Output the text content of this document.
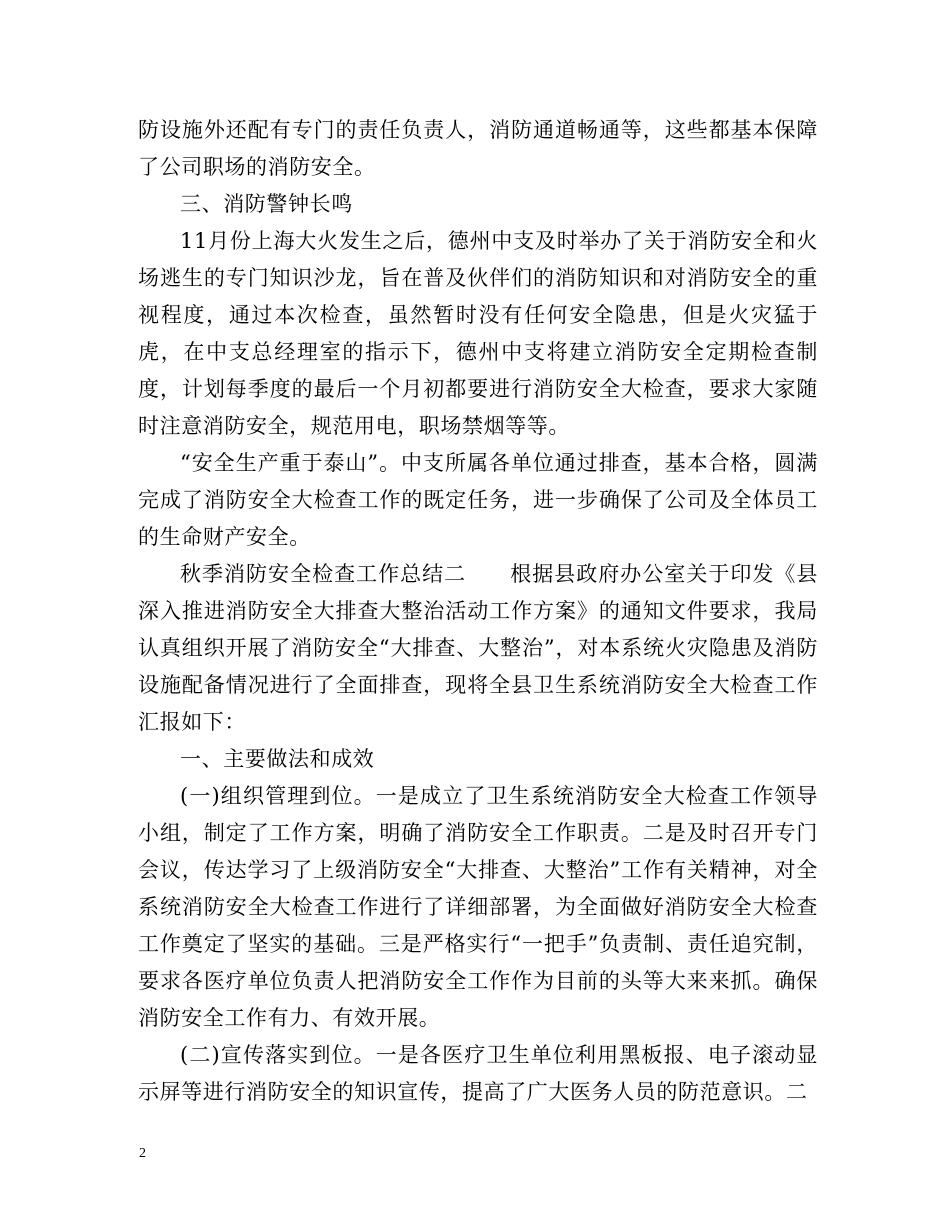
防设施外还配有专门的责任负责人，消防通道畅通等，这些都基本保障了公司职场的消防安全。

三、消防警钟长鸣

11月份上海大火发生之后，德州中支及时举办了关于消防安全和火场逃生的专门知识沙龙，旨在普及伙伴们的消防知识和对消防安全的重视程度，通过本次检查，虽然暂时没有任何安全隐患，但是火灾猛于虎，在中支总经理室的指示下，德州中支将建立消防安全定期检查制度，计划每季度的最后一个月初都要进行消防安全大检查，要求大家随时注意消防安全，规范用电，职场禁烟等等。

“安全生产重于泰山”。中支所属各单位通过排查，基本合格，圆满完成了消防安全大检查工作的既定任务，进一步确保了公司及全体员工的生命财产安全。

秋季消防安全检查工作总结二　　根据县政府办公室关于印发《县深入推进消防安全大排查大整治活动工作方案》的通知文件要求，我局认真组织开展了消防安全“大排查、大整治”，对本系统火灾隐患及消防设施配备情况进行了全面排查，现将全县卫生系统消防安全大检查工作汇报如下：

一、主要做法和成效

(一)组织管理到位。一是成立了卫生系统消防安全大检查工作领导小组，制定了工作方案，明确了消防安全工作职责。二是及时召开专门会议，传达学习了上级消防安全“大排查、大整治”工作有关精神，对全系统消防安全大检查工作进行了详细部署，为全面做好消防安全大检查工作奠定了坚实的基础。三是严格实行“一把手”负责制、责任追究制，要求各医疗单位负责人把消防安全工作作为目前的头等大来来抓。确保消防安全工作有力、有效开展。

(二)宣传落实到位。一是各医疗卫生单位利用黑板报、电子滚动显示屏等进行消防安全的知识宣传，提高了广大医务人员的防范意识。二

2
